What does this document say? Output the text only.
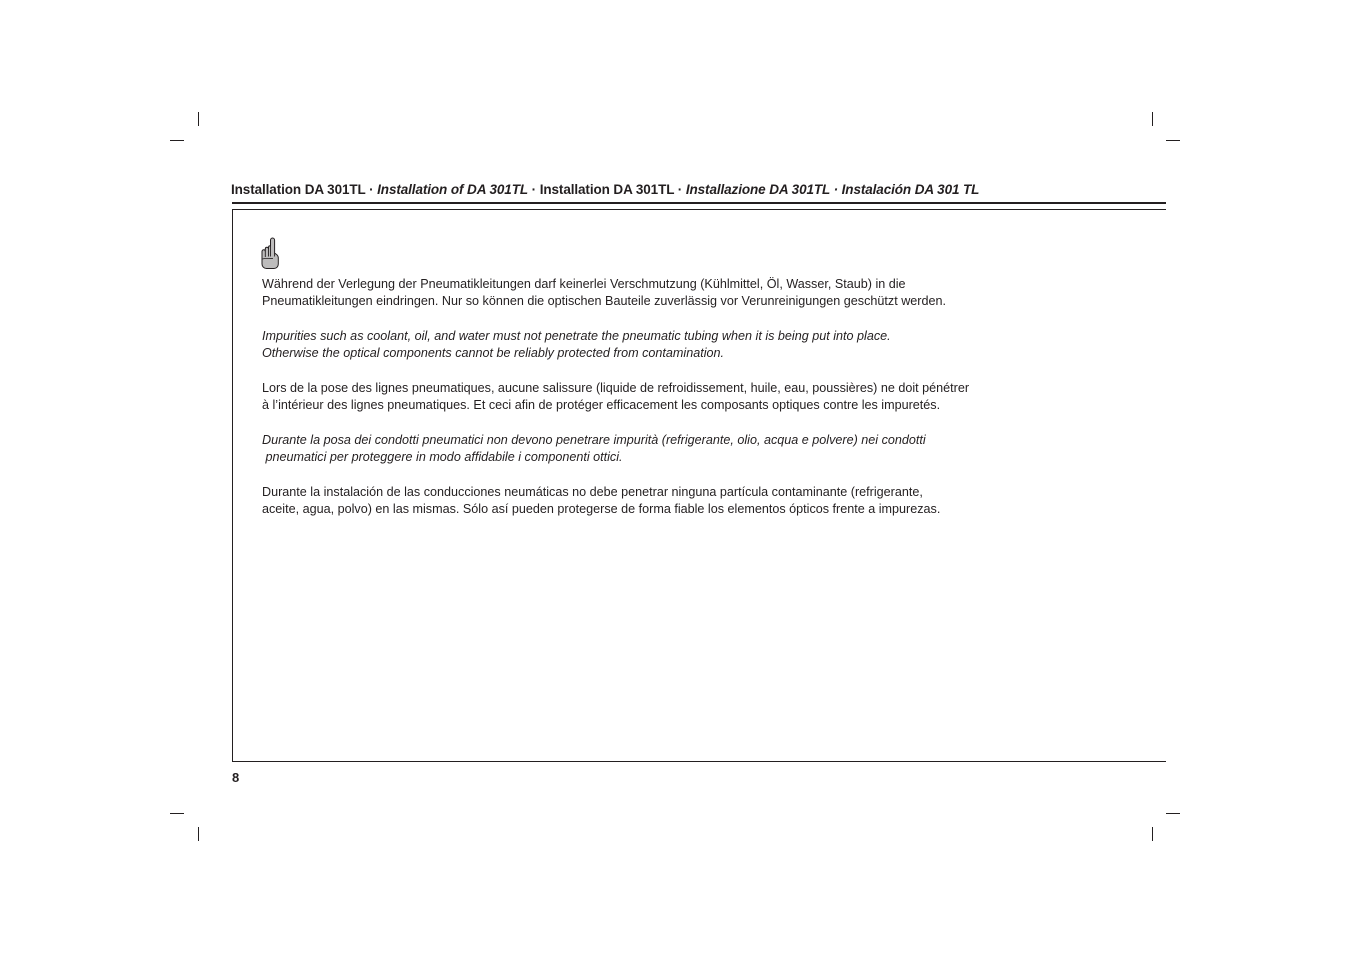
Installation DA 301TL · Installation of DA 301TL · Installation DA 301TL · Installazione DA 301TL · Instalación DA 301 TL
Während der Verlegung der Pneumatikleitungen darf keinerlei Verschmutzung (Kühlmittel, Öl, Wasser, Staub) in die
Pneumatikleitungen eindringen. Nur so können die optischen Bauteile zuverlässig vor Verunreinigungen geschützt werden.
Impurities such as coolant, oil, and water must not penetrate the pneumatic tubing when it is being put into place.
Otherwise the optical components cannot be reliably protected from contamination.
Lors de la pose des lignes pneumatiques, aucune salissure (liquide de refroidissement, huile, eau, poussières) ne doit pénétrer
à l’intérieur des lignes pneumatiques. Et ceci afin de protéger efficacement les composants optiques contre les impuretés.
Durante la posa dei condotti pneumatici non devono penetrare impurità (refrigerante, olio, acqua e polvere) nei condotti
pneumatici per proteggere in modo affidabile i componenti ottici.
Durante la instalación de las conducciones neumáticas no debe penetrar ninguna partícula contaminante (refrigerante,
aceite, agua, polvo) en las mismas. Sólo así pueden protegerse de forma fiable los elementos ópticos frente a impurezas.
8
